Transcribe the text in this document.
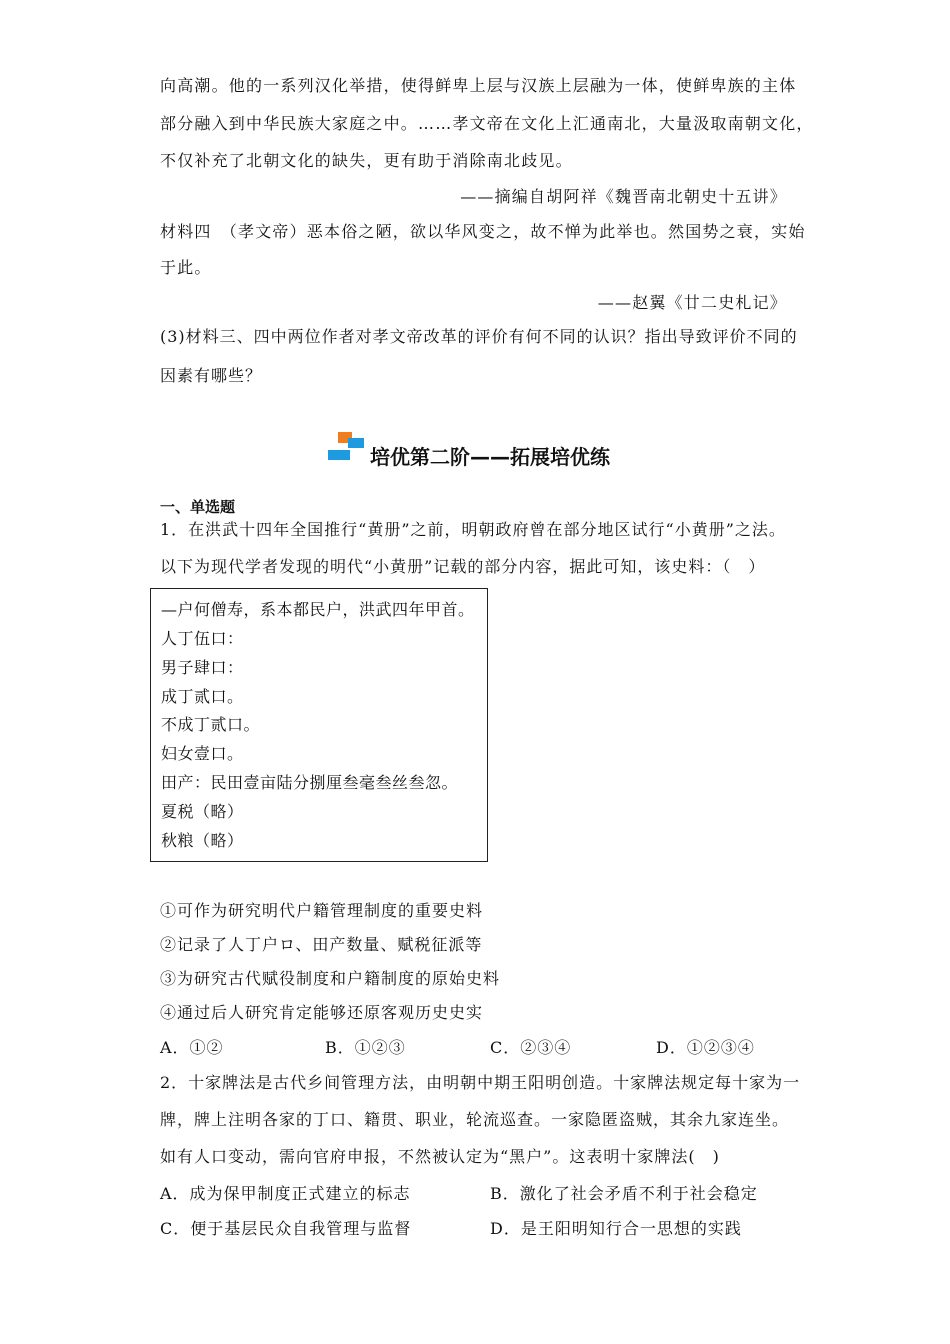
向高潮。他的一系列汉化举措，使得鲜卑上层与汉族上层融为一体，使鲜卑族的主体
部分融入到中华民族大家庭之中。……孝文帝在文化上汇通南北，大量汲取南朝文化，
不仅补充了北朝文化的缺失，更有助于消除南北歧见。
——摘编自胡阿祥《魏晋南北朝史十五讲》
材料四　（孝文帝）恶本俗之陋，欲以华风变之，故不惮为此举也。然国势之衰，实始
于此。
——赵翼《廿二史札记》
(3)材料三、四中两位作者对孝文帝改革的评价有何不同的认识？指出导致评价不同的
因素有哪些？
培优第二阶——拓展培优练
一、单选题
1．在洪武十四年全国推行“黄册”之前，明朝政府曾在部分地区试行“小黄册”之法。
以下为现代学者发现的明代“小黄册”记载的部分内容，据此可知，该史料：（　）
—户何僧寿，系本都民户，洪武四年甲首。
人丁伍口：
男子肆口：
成丁贰口。
不成丁贰口。
妇女壹口。
田产：民田壹亩陆分捌厘叁毫叁丝叁忽。
夏税（略）
秋粮（略）
①可作为研究明代户籍管理制度的重要史料
②记录了人丁户ロ、田产数量、赋税征派等
③为研究古代赋役制度和户籍制度的原始史料
④通过后人研究肯定能够还原客观历史史实
A．①②	B．①②③	C．②③④	D．①②③④
2．十家牌法是古代乡间管理方法，由明朝中期王阳明创造。十家牌法规定每十家为一
牌，牌上注明各家的丁口、籍贯、职业，轮流巡查。一家隐匿盗贼，其余九家连坐。
如有人口变动，需向官府申报，不然被认定为“黑户”。这表明十家牌法(　)
A．成为保甲制度正式建立的标志	B．激化了社会矛盾不利于社会稳定
C．便于基层民众自我管理与监督	D．是王阳明知行合一思想的实践
